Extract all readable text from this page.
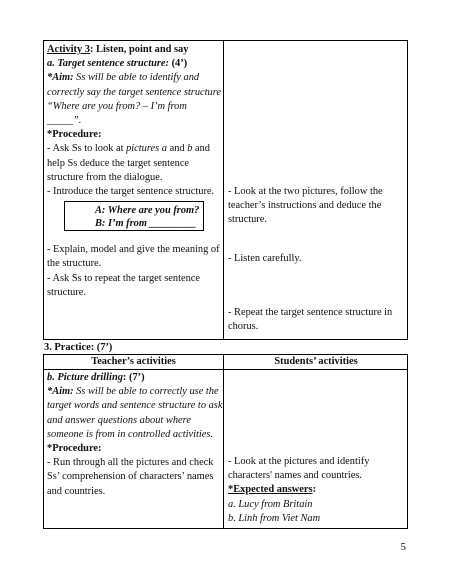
Activity 3: Listen, point and say
a. Target sentence structure: (4’)
*Aim: Ss will be able to identify and
correctly say the target sentence structure
“Where are you from? – I’m from
_____”.
*Procedure:
- Ask Ss to look at pictures a and b and
help Ss deduce the target sentence
structure from the dialogue.
- Introduce the target sentence structure.
- Explain, model and give the meaning of
the structure.
- Ask Ss to repeat the target sentence
structure.
A: Where are you from?
B: I’m from _________
- Look at the two pictures, follow the
teacher’s instructions and deduce the
structure.
- Listen carefully.
- Repeat the target sentence structure in
chorus.
3. Practice: (7’)
Teacher’s activities	Students’ activities
b. Picture drilling: (7’)
*Aim: Ss will be able to correctly use the
target words and sentence structure to ask
and answer questions about where
someone is from in controlled activities.
*Procedure:
- Run through all the pictures and check
Ss’ comprehension of characters’ names
and countries.
- Look at the pictures and identify
characters' names and countries.
*Expected answers:
a. Lucy from Britain
b. Linh from Viet Nam
5
